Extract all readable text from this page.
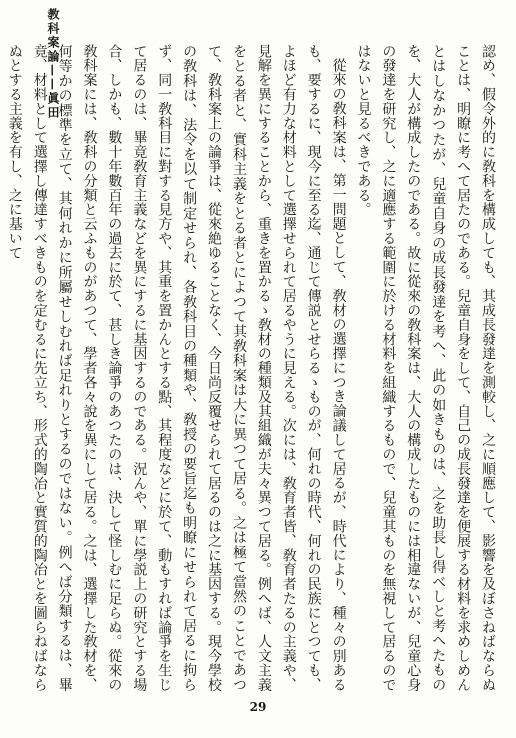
教科案論——眞田	認め、假令外的に敎科を構成しても、其成長發達を測較し、之に順應して、影響を及ぼさねばならぬことは、明瞭に考へて居たのである。兒童自身をして、自己の成長發達を便展する材料を求めしめんとはしなかつたが、兒童自身の成長發達を考へ、此の如きものは、之を助長し得べしと考へたものを、大人が構成したのである。故に從來の敎科案は、大人の構成したものには相違ないが、兒童心身の發達を研究し、之に適應する範圍に於ける材料を組織するもので、兒童其ものを無視して居るのではないと見るべきである。

從來の敎科案は、第一問題として、敎材の選擇につき論議して居るが、時代により、種々の別あるも、要するに、現今に至る迄、通じて傳説とせらるゝものが、何れの時代、何れの民族にとつても、よほど有力な材料として選擇せられて居るやうに見える。次には、敎育者皆、敎育者たるの主義や、見解を異にすることから、重きを置かるゝ敎材の種類及其組織が夫々異つて居る。例へば、人文主義をとる者と、實科主義をとる者とによつて其敎科案は大に異つて居る。之は極て當然のことであつて、敎科案上の論爭は、從來絶ゆることなく、今日尚反覆せられて居るのは之に基因する。現今學校の敎科は、法令を以て制定せられ、各敎科目の種類や、敎授の要旨迄も明瞭にせられて居るに拘らず、同一敎科目に對する見方や、其重を置かんとする點、其程度などに於て、動もすれば論爭を生じて居るのは、畢竟敎育主義などを異にするに基因するのである。況んや、單に學説上の研究とする場合、しかも、數十年數百年の過去に於て、甚しき論爭のあつたのは、決して怪しむに足らぬ。從來の敎科案には、敎科の分類と云ふものがあつて、學者各々說を異にして居る。之は、選擇した敎材を、何等かの標準を立て、其何れかに所屬せしむれば足れりとするのではない。例へば分類するは、畢竟、材料として選擇し傳達すべきものを定むるに先立ち、形式的陶冶と實質的陶冶とを圖らねばならぬとする主義を有し、之に基いて

29
